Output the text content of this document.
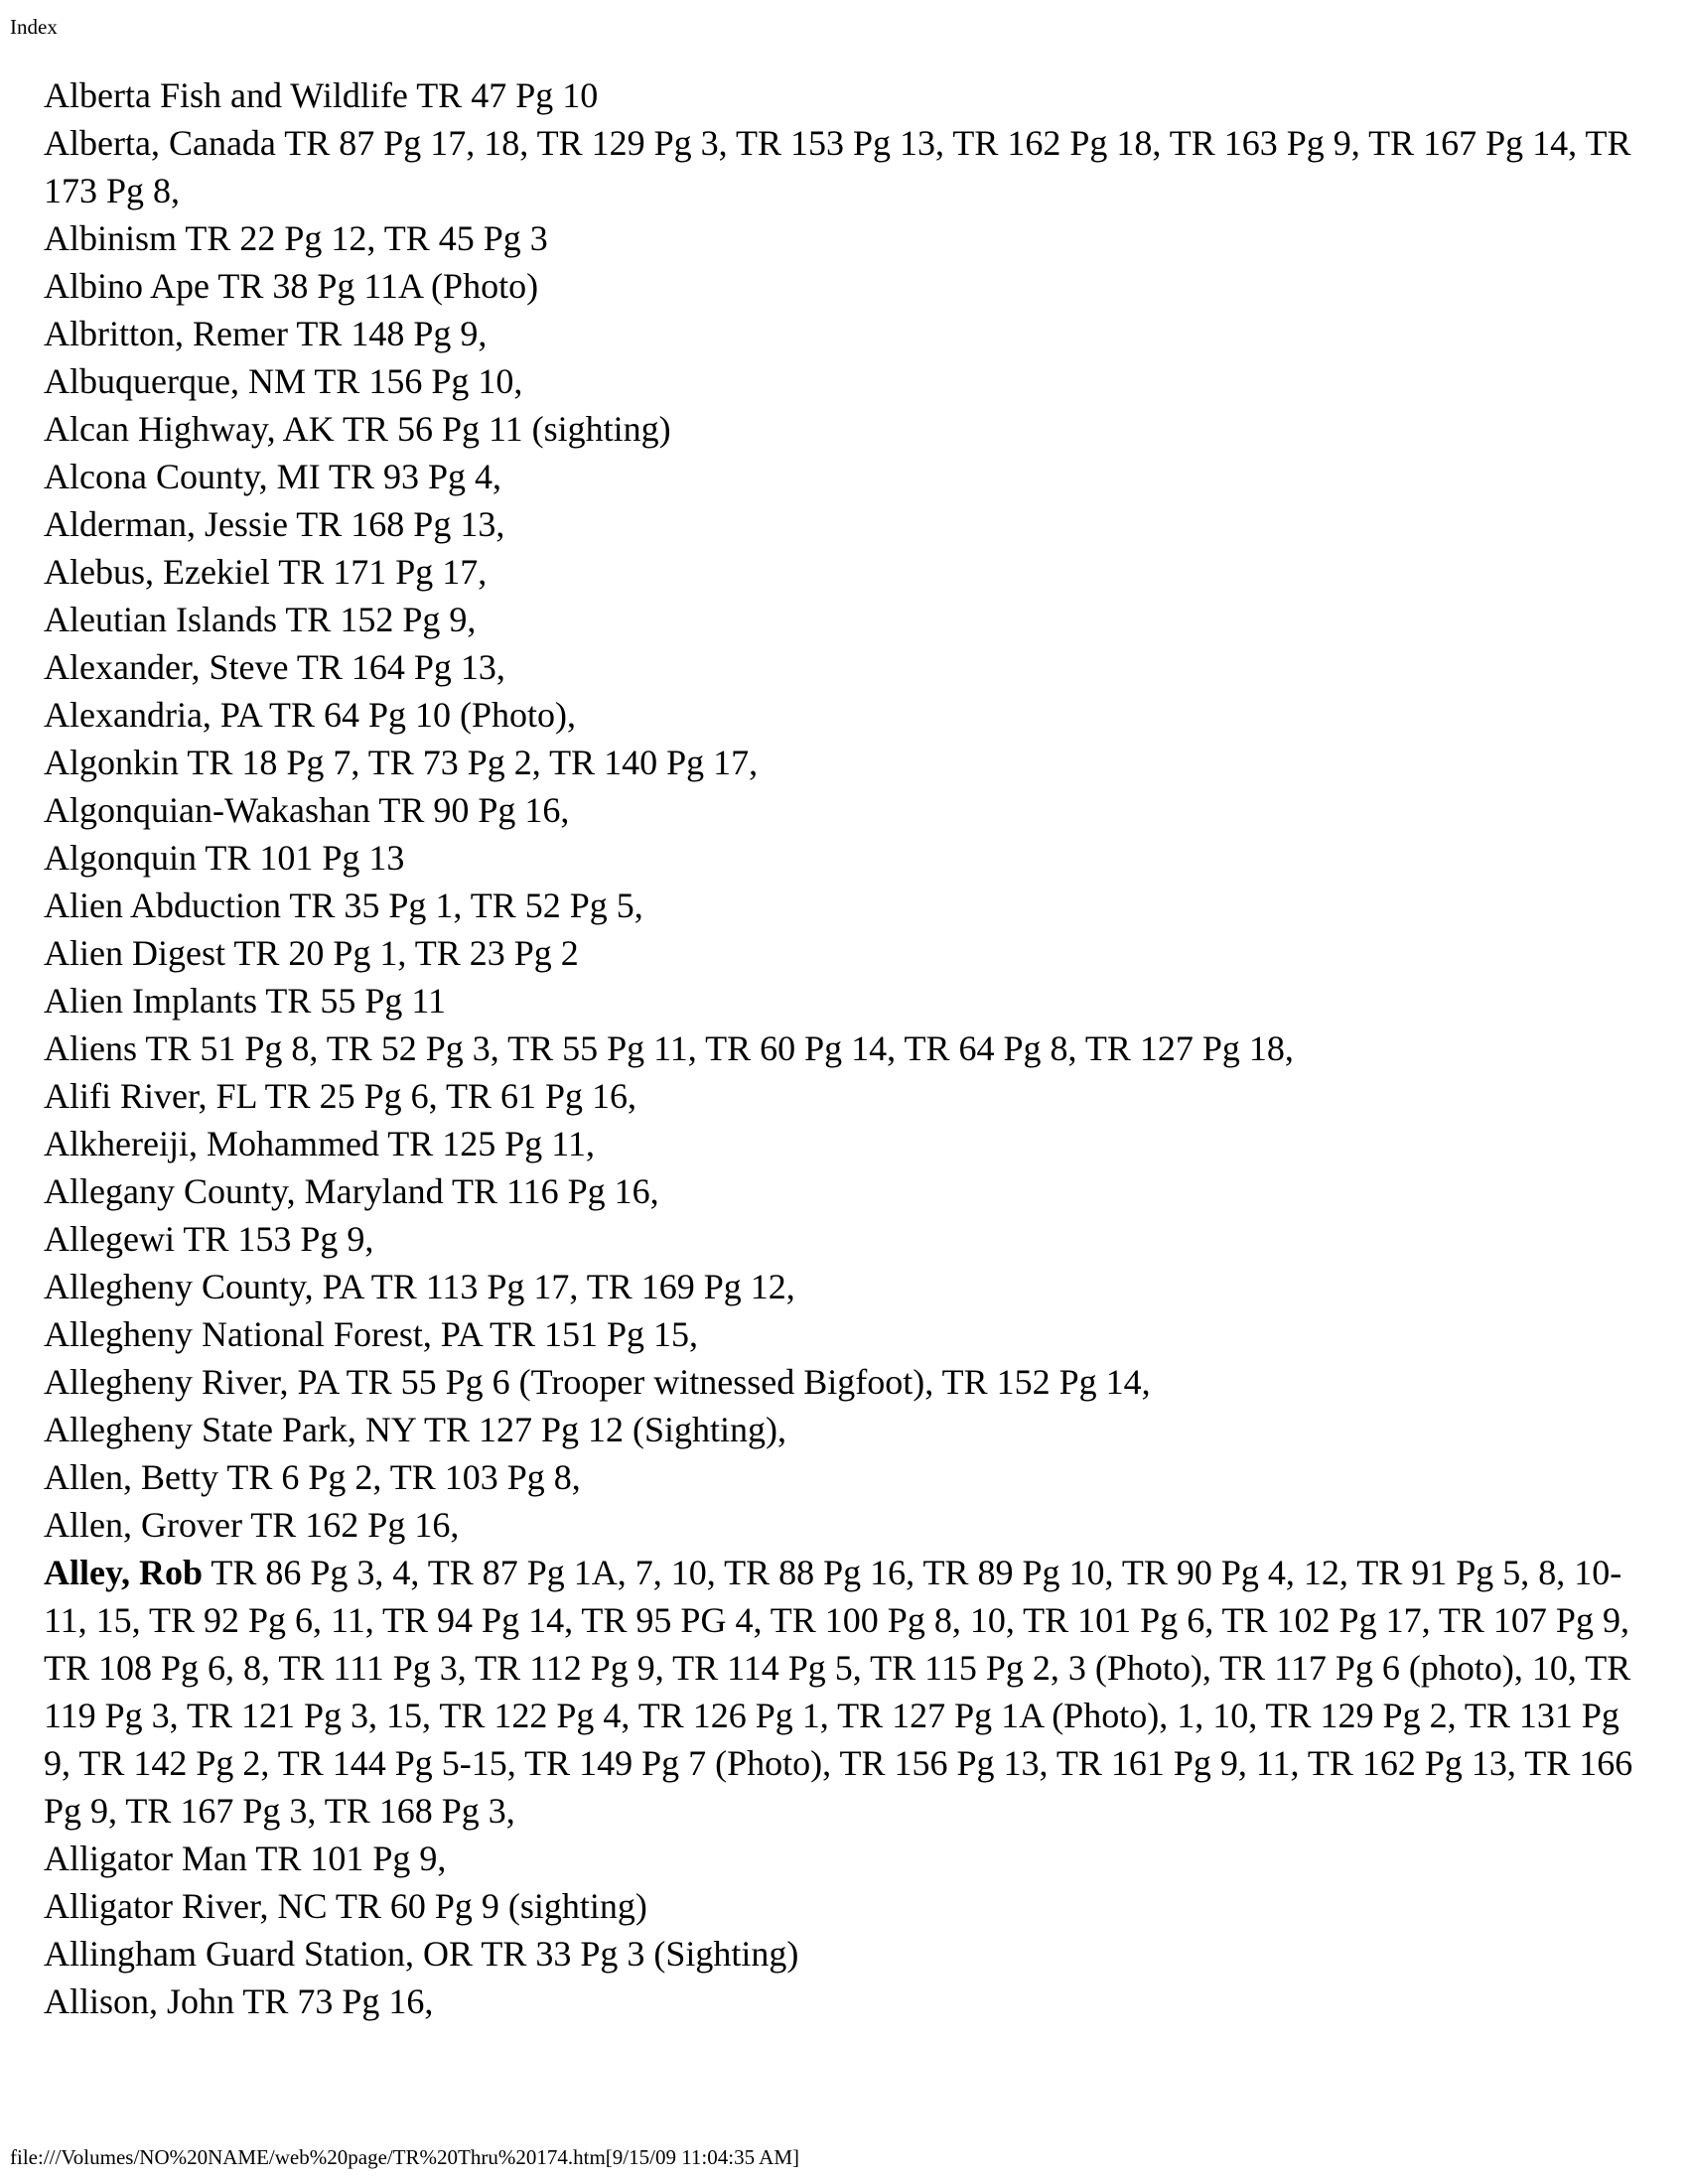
Index
Alberta Fish and Wildlife TR 47 Pg 10
Alberta, Canada TR 87 Pg 17, 18, TR 129 Pg 3, TR 153 Pg 13, TR 162 Pg 18, TR 163 Pg 9, TR 167 Pg 14, TR 173 Pg 8,
Albinism TR 22 Pg 12, TR 45 Pg 3
Albino Ape TR 38 Pg 11A (Photo)
Albritton, Remer TR 148 Pg 9,
Albuquerque, NM TR 156 Pg 10,
Alcan Highway, AK TR 56 Pg 11 (sighting)
Alcona County, MI TR 93 Pg 4,
Alderman, Jessie TR 168 Pg 13,
Alebus, Ezekiel TR 171 Pg 17,
Aleutian Islands TR 152 Pg 9,
Alexander, Steve TR 164 Pg 13,
Alexandria, PA TR 64 Pg 10 (Photo),
Algonkin TR 18 Pg 7, TR 73 Pg 2, TR 140 Pg 17,
Algonquian-Wakashan TR 90 Pg 16,
Algonquin TR 101 Pg 13
Alien Abduction TR 35 Pg 1, TR 52 Pg 5,
Alien Digest TR 20 Pg 1, TR 23 Pg 2
Alien Implants TR 55 Pg 11
Aliens TR 51 Pg 8, TR 52 Pg 3, TR 55 Pg 11, TR 60 Pg 14, TR 64 Pg 8, TR 127 Pg 18,
Alifi River, FL TR 25 Pg 6, TR 61 Pg 16,
Alkhereiji, Mohammed TR 125 Pg 11,
Allegany County, Maryland TR 116 Pg 16,
Allegewi TR 153 Pg 9,
Allegheny County, PA TR 113 Pg 17, TR 169 Pg 12,
Allegheny National Forest, PA TR 151 Pg 15,
Allegheny River, PA TR 55 Pg 6 (Trooper witnessed Bigfoot), TR 152 Pg 14,
Allegheny State Park, NY TR 127 Pg 12 (Sighting),
Allen, Betty TR 6 Pg 2, TR 103 Pg 8,
Allen, Grover TR 162 Pg 16,
Alley, Rob TR 86 Pg 3, 4, TR 87 Pg 1A, 7, 10, TR 88 Pg 16, TR 89 Pg 10, TR 90 Pg 4, 12, TR 91 Pg 5, 8, 10-11, 15, TR 92 Pg 6, 11, TR 94 Pg 14, TR 95 PG 4, TR 100 Pg 8, 10, TR 101 Pg 6, TR 102 Pg 17, TR 107 Pg 9, TR 108 Pg 6, 8, TR 111 Pg 3, TR 112 Pg 9, TR 114 Pg 5, TR 115 Pg 2, 3 (Photo), TR 117 Pg 6 (photo), 10, TR 119 Pg 3, TR 121 Pg 3, 15, TR 122 Pg 4, TR 126 Pg 1, TR 127 Pg 1A (Photo), 1, 10, TR 129 Pg 2, TR 131 Pg 9, TR 142 Pg 2, TR 144 Pg 5-15, TR 149 Pg 7 (Photo), TR 156 Pg 13, TR 161 Pg 9, 11, TR 162 Pg 13, TR 166 Pg 9, TR 167 Pg 3, TR 168 Pg 3,
Alligator Man TR 101 Pg 9,
Alligator River, NC TR 60 Pg 9 (sighting)
Allingham Guard Station, OR TR 33 Pg 3 (Sighting)
Allison, John TR 73 Pg 16,
file:///Volumes/NO%20NAME/web%20page/TR%20Thru%20174.htm[9/15/09 11:04:35 AM]
